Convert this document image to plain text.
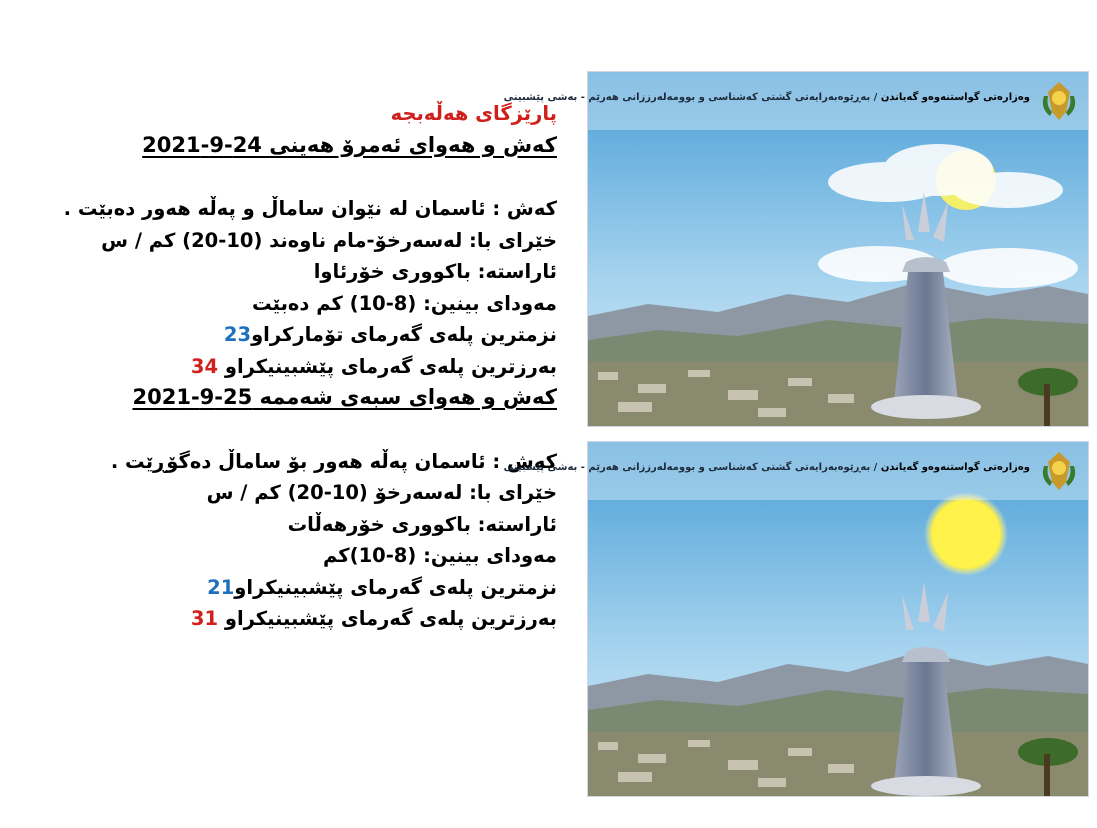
پارێزگای هەڵەبجە
كەش و هەوای ئەمرۆ هەینی 24-9-2021
كەش : ئاسمان لە نێوان ساماڵ و پەڵە هەور دەبێت .
خێرای با: لەسەرخۆ-مام ناوەند (10-20) كم / س
ئاراستە: باكووری خۆرئاوا
مەودای بینین: (8-10) كم دەبێت
نزمترین پلەی گەرمای تۆماركراو23
بەرزترین پلەی گەرمای پێشبینیكراو 34
كەش و هەوای سبەی شەممە 25-9-2021
كەش : ئاسمان پەڵە هەور بۆ ساماڵ دەگۆڕێت .
خێرای با: لەسەرخۆ (10-20) كم / س
ئاراستە: باكووری خۆرهەڵات
مەودای بینین: (8-10)كم
نزمترین پلەی گەرمای پێشبینیكراو21
بەرزترین پلەی گەرمای پێشبینیكراو 31
وەزارەتی گواستنەوەو گەیاندن / بەڕێوەبەرایەتی گشتی كەشناسی و بوومەلەرززانی هەرێم - بەشی پێشبینی
وەزارەتی گواستنەوەو گەیاندن / بەڕێوەبەرایەتی گشتی كەشناسی و بوومەلەرززانی هەرێم - بەشی پێشبینی
